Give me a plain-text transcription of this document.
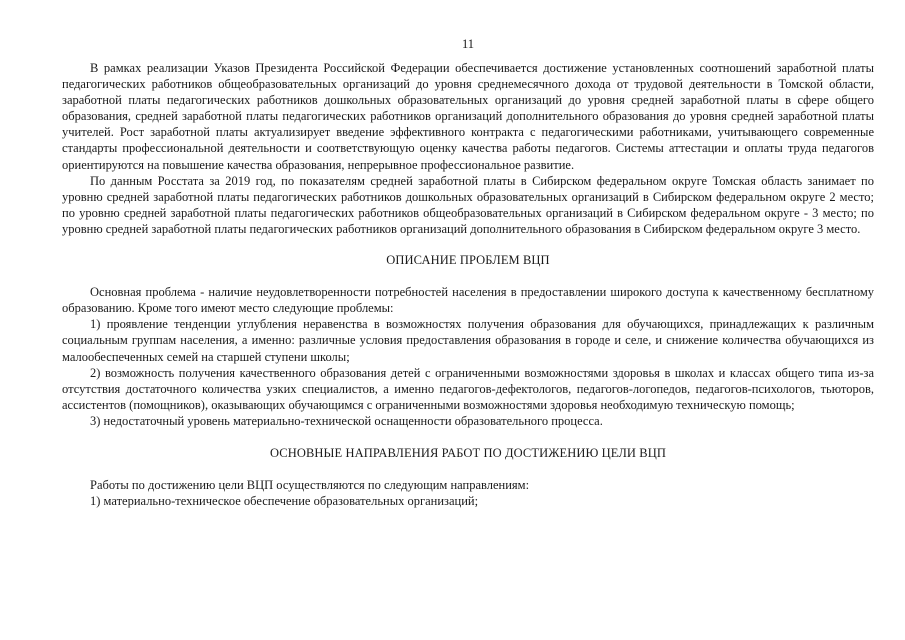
11

В рамках реализации Указов Президента Российской Федерации обеспечивается достижение установленных соотношений заработной платы педагогических работников общеобразовательных организаций до уровня среднемесячного дохода от трудовой деятельности в Томской области, заработной платы педагогических работников дошкольных образовательных организаций до уровня средней заработной платы в сфере общего образования, средней заработной платы педагогических работников организаций дополнительного образования до уровня средней заработной платы учителей. Рост заработной платы актуализирует введение эффективного контракта с педагогическими работниками, учитывающего современные стандарты профессиональной деятельности и соответствующую оценку качества работы педагогов. Системы аттестации и оплаты труда педагогов ориентируются на повышение качества образования, непрерывное профессиональное развитие.

По данным Росстата за 2019 год, по показателям средней заработной платы в Сибирском федеральном округе Томская область занимает по уровню средней заработной платы педагогических работников дошкольных образовательных организаций в Сибирском федеральном округе 2 место; по уровню средней заработной платы педагогических работников общеобразовательных организаций в Сибирском федеральном округе - 3 место; по уровню средней заработной платы педагогических работников организаций дополнительного образования в Сибирском федеральном округе 3 место.

ОПИСАНИЕ ПРОБЛЕМ ВЦП

Основная проблема - наличие неудовлетворенности потребностей населения в предоставлении широкого доступа к качественному бесплатному образованию. Кроме того имеют место следующие проблемы:

1) проявление тенденции углубления неравенства в возможностях получения образования для обучающихся, принадлежащих к различным социальным группам населения, а именно: различные условия предоставления образования в городе и селе, и снижение количества обучающихся из малообеспеченных семей на старшей ступени школы;

2) возможность получения качественного образования детей с ограниченными возможностями здоровья в школах и классах общего типа из-за отсутствия достаточного количества узких специалистов, а именно педагогов-дефектологов, педагогов-логопедов, педагогов-психологов, тьюторов, ассистентов (помощников), оказывающих обучающимся с ограниченными возможностями здоровья необходимую техническую помощь;

3) недостаточный уровень материально-технической оснащенности образовательного процесса.

ОСНОВНЫЕ НАПРАВЛЕНИЯ РАБОТ ПО ДОСТИЖЕНИЮ ЦЕЛИ ВЦП

Работы по достижению цели ВЦП осуществляются по следующим направлениям:

1) материально-техническое обеспечение образовательных организаций;
